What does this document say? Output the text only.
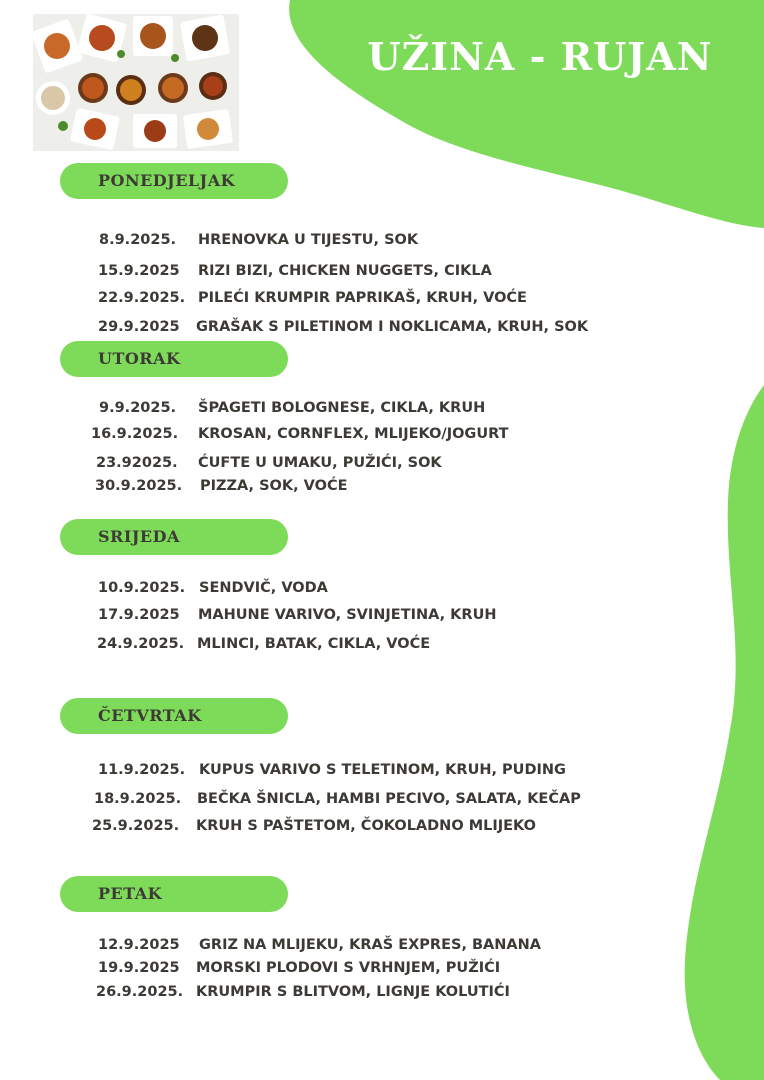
UŽINA - RUJAN
PONEDJELJAK
8.9.2025. HRENOVKA U TIJESTU, SOK
15.9.2025 RIZI BIZI, CHICKEN NUGGETS, CIKLA
22.9.2025. PILEĆI KRUMPIR PAPRIKAŠ, KRUH, VOĆE
29.9.2025 GRAŠAK S PILETINOM I NOKLICAMA, KRUH, SOK
UTORAK
9.9.2025. ŠPAGETI BOLOGNESE, CIKLA, KRUH
16.9.2025. KROSAN, CORNFLEX, MLIJEKO/JOGURT
23.92025. ĆUFTE U UMAKU, PUŽIĆI, SOK
30.9.2025. PIZZA, SOK, VOĆE
SRIJEDA
10.9.2025. SENDVIČ, VODA
17.9.2025 MAHUNE VARIVO, SVINJETINA, KRUH
24.9.2025. MLINCI, BATAK, CIKLA, VOĆE
ČETVRTAK
11.9.2025. KUPUS VARIVO S TELETINOM, KRUH, PUDING
18.9.2025. BEČKA ŠNICLA, HAMBI PECIVO, SALATA, KEČAP
25.9.2025. KRUH S PAŠTETOM, ČOKOLADNO MLIJEKO
PETAK
12.9.2025 GRIZ NA MLIJEKU, KRAŠ EXPRES, BANANA
19.9.2025 MORSKI PLODOVI S VRHNJEM, PUŽIĆI
26.9.2025. KRUMPIR S BLITVOM, LIGNJE KOLUTIĆI
